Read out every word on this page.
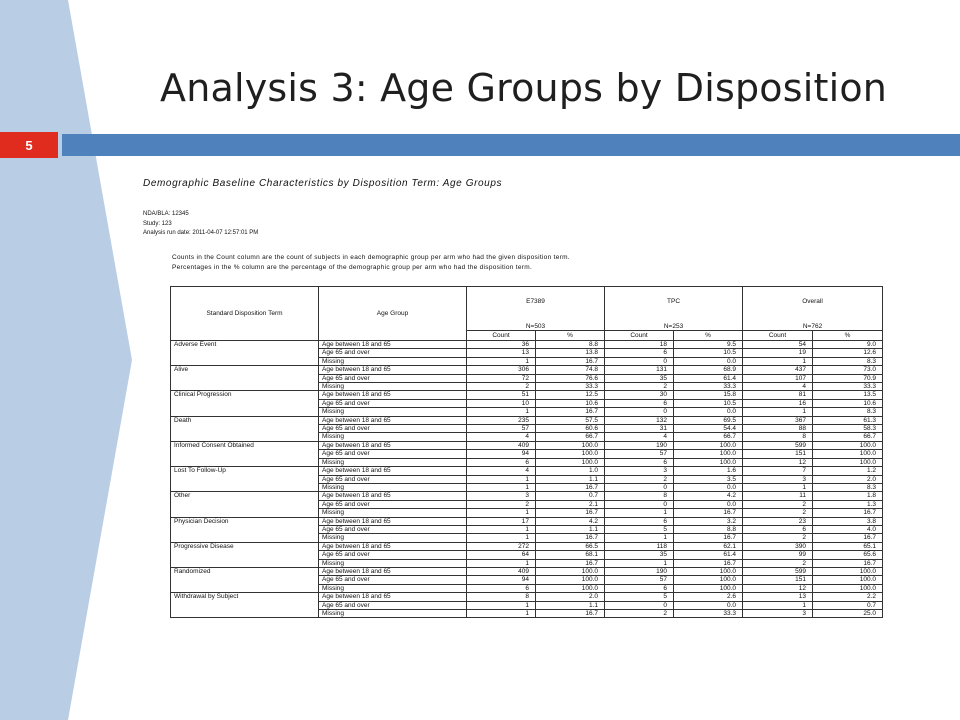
Analysis 3: Age Groups by Disposition
5
Demographic Baseline Characteristics by Disposition Term: Age Groups
NDA/BLA: 12345
Study: 123
Analysis run date: 2011-04-07 12:57:01 PM
Counts in the Count column are the count of subjects in each demographic group per arm who had the given disposition term.
Percentages in the % column are the percentage of the demographic group per arm who had the disposition term.
Standard Disposition Term	Age Group	E7389		TPC		Overall	
		N=503		N=253		N=762	
		Count	%	Count	%	Count	%
Adverse Event	Age between 18 and 65	36	8.8	18	9.5	54	9.0
	Age 65 and over	13	13.8	6	10.5	19	12.6
	Missing	1	16.7	0	0.0	1	8.3
Alive	Age between 18 and 65	306	74.8	131	68.9	437	73.0
	Age 65 and over	72	76.6	35	61.4	107	70.9
	Missing	2	33.3	2	33.3	4	33.3
Clinical Progression	Age between 18 and 65	51	12.5	30	15.8	81	13.5
	Age 65 and over	10	10.6	6	10.5	16	10.6
	Missing	1	16.7	0	0.0	1	8.3
Death	Age between 18 and 65	235	57.5	132	69.5	367	61.3
	Age 65 and over	57	60.6	31	54.4	88	58.3
	Missing	4	66.7	4	66.7	8	66.7
Informed Consent Obtained	Age between 18 and 65	409	100.0	190	100.0	599	100.0
	Age 65 and over	94	100.0	57	100.0	151	100.0
	Missing	6	100.0	6	100.0	12	100.0
Lost To Follow-Up	Age between 18 and 65	4	1.0	3	1.6	7	1.2
	Age 65 and over	1	1.1	2	3.5	3	2.0
	Missing	1	16.7	0	0.0	1	8.3
Other	Age between 18 and 65	3	0.7	8	4.2	11	1.8
	Age 65 and over	2	2.1	0	0.0	2	1.3
	Missing	1	16.7	1	16.7	2	16.7
Physician Decision	Age between 18 and 65	17	4.2	6	3.2	23	3.8
	Age 65 and over	1	1.1	5	8.8	6	4.0
	Missing	1	16.7	1	16.7	2	16.7
Progressive Disease	Age between 18 and 65	272	66.5	118	62.1	390	65.1
	Age 65 and over	64	68.1	35	61.4	99	65.6
	Missing	1	16.7	1	16.7	2	16.7
Randomized	Age between 18 and 65	409	100.0	190	100.0	599	100.0
	Age 65 and over	94	100.0	57	100.0	151	100.0
	Missing	6	100.0	6	100.0	12	100.0
Withdrawal by Subject	Age between 18 and 65	8	2.0	5	2.6	13	2.2
	Age 65 and over	1	1.1	0	0.0	1	0.7
	Missing	1	16.7	2	33.3	3	25.0
